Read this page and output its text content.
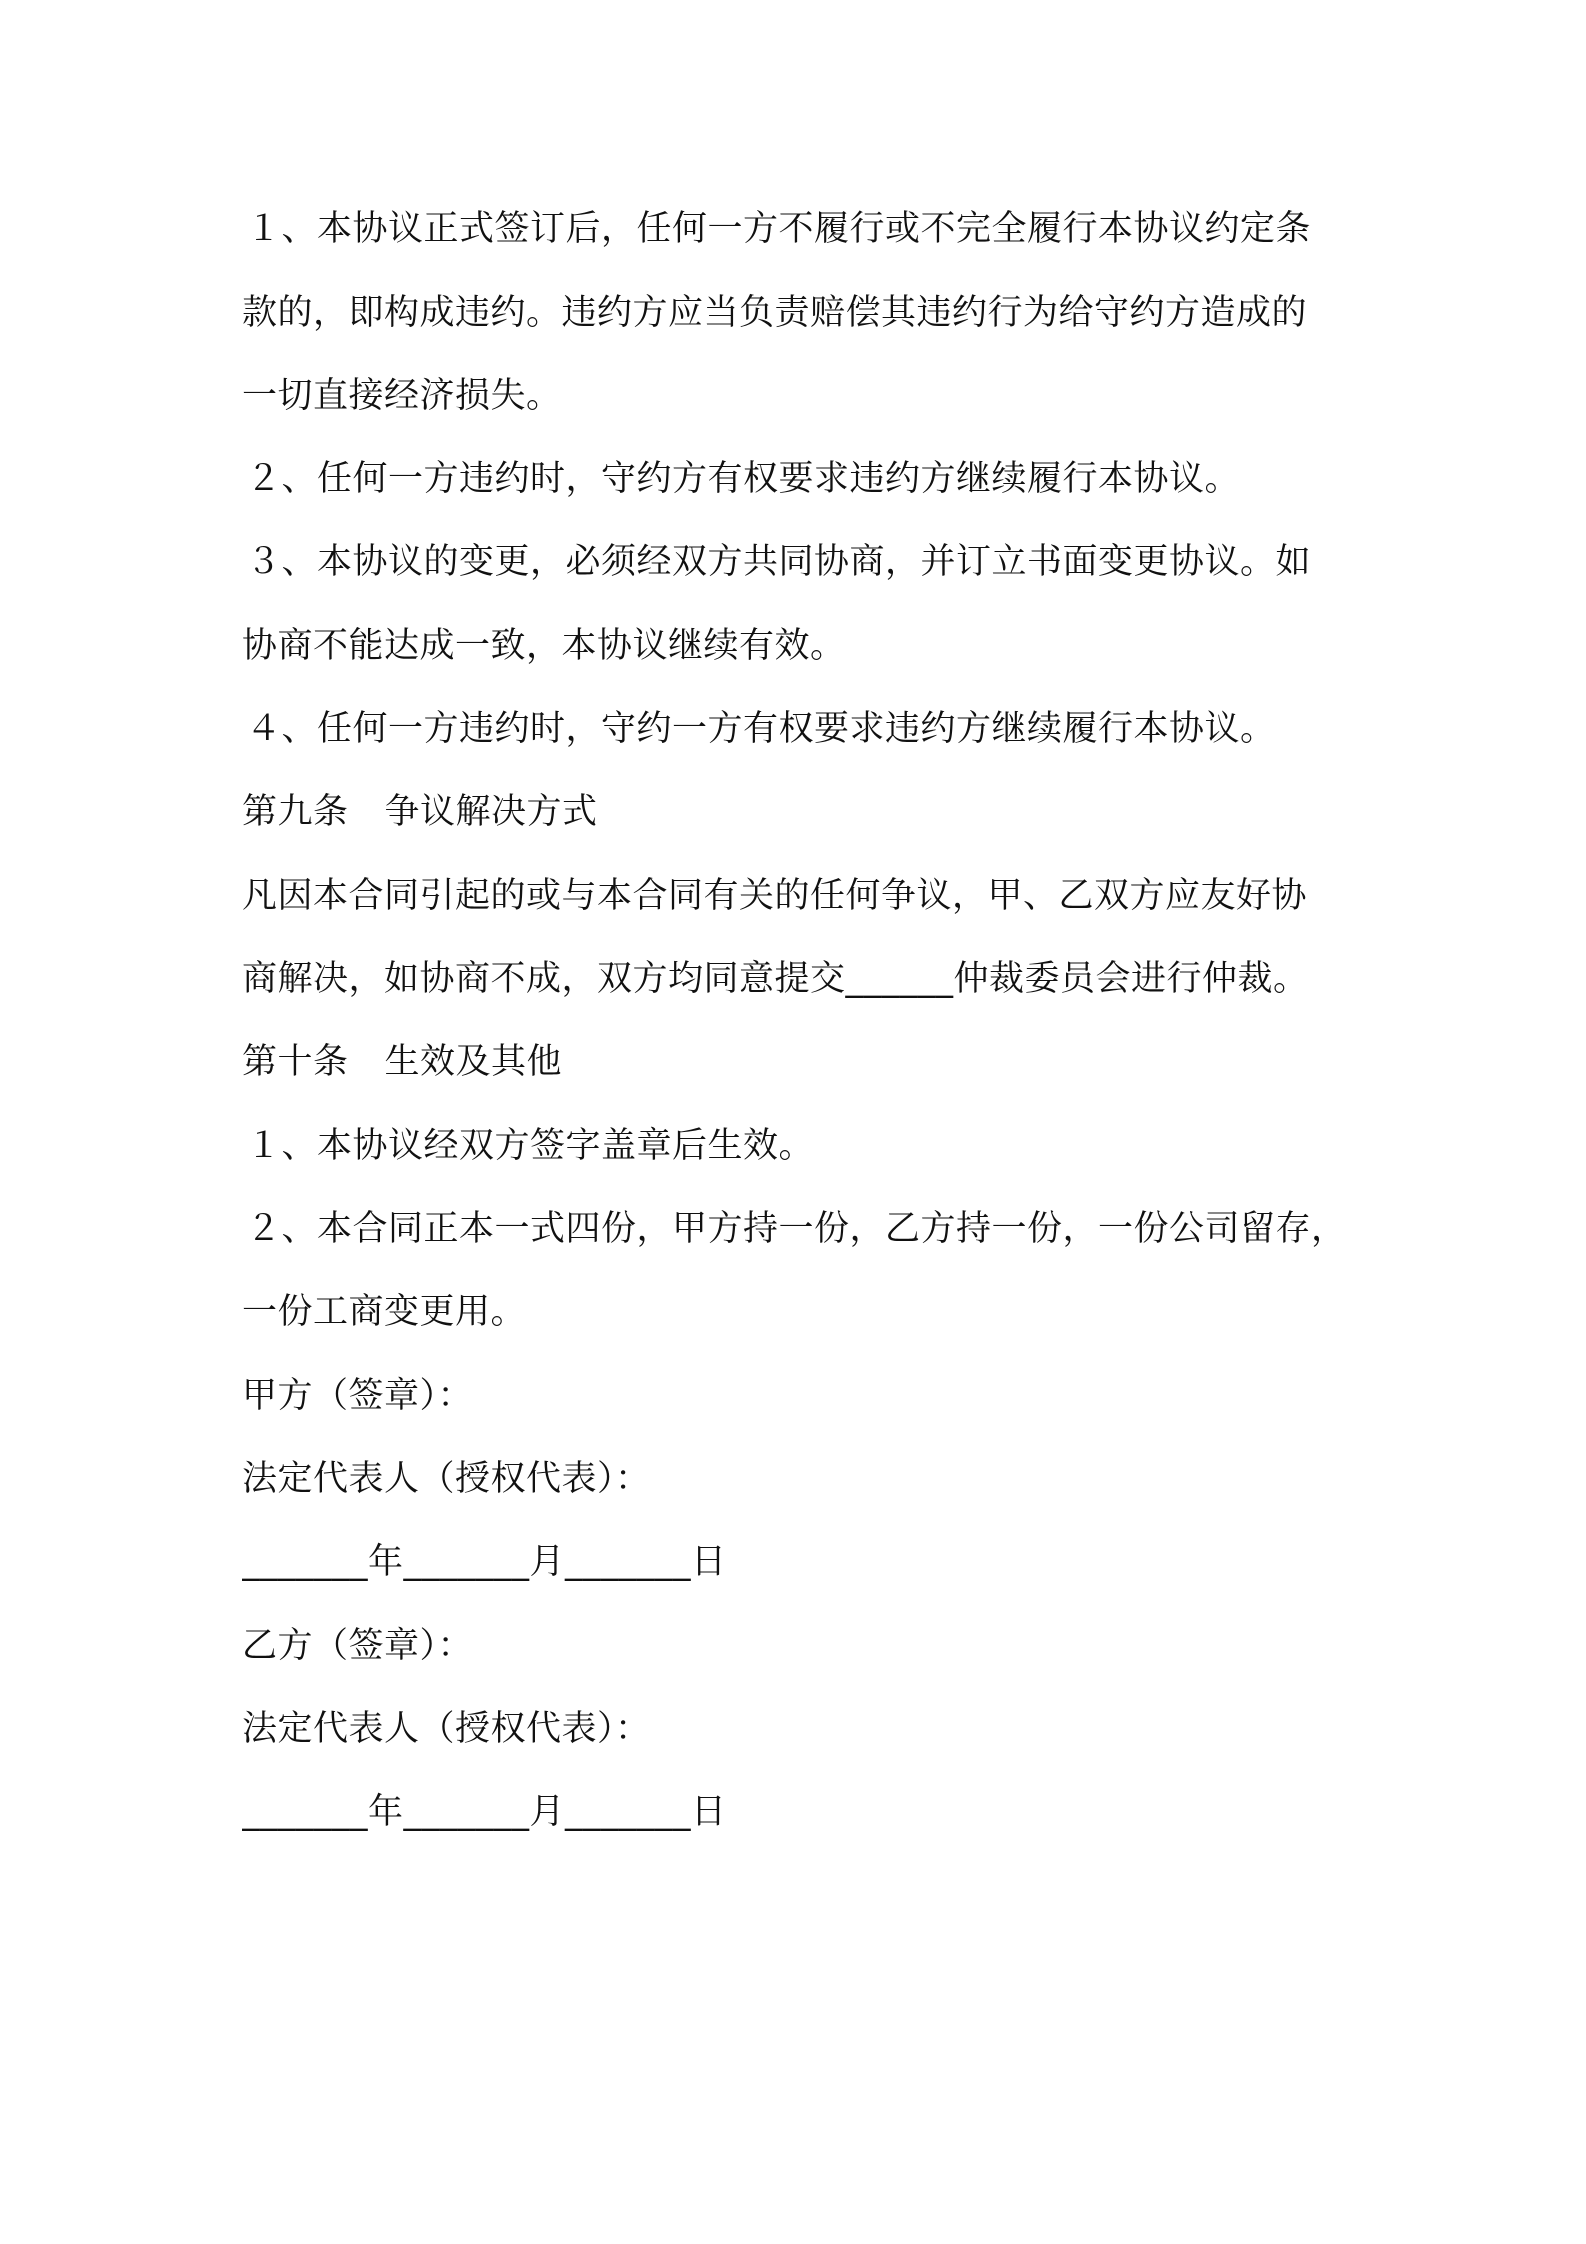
１、本协议正式签订后，任何一方不履行或不完全履行本协议约定条
款的，即构成违约。违约方应当负责赔偿其违约行为给守约方造成的
一切直接经济损失。
２、任何一方违约时，守约方有权要求违约方继续履行本协议。
３、本协议的变更，必须经双方共同协商，并订立书面变更协议。如
协商不能达成一致，本协议继续有效。
４、任何一方违约时，守约一方有权要求违约方继续履行本协议。
第九条 争议解决方式
凡因本合同引起的或与本合同有关的任何争议，甲、乙双方应友好协
商解决，如协商不成，双方均同意提交______仲裁委员会进行仲裁。
第十条 生效及其他
１、本协议经双方签字盖章后生效。
２、本合同正本一式四份，甲方持一份，乙方持一份，一份公司留存，
一份工商变更用。
甲方（签章）：
法定代表人（授权代表）：
_______年_______月_______日
乙方（签章）：
法定代表人（授权代表）：
_______年_______月_______日
